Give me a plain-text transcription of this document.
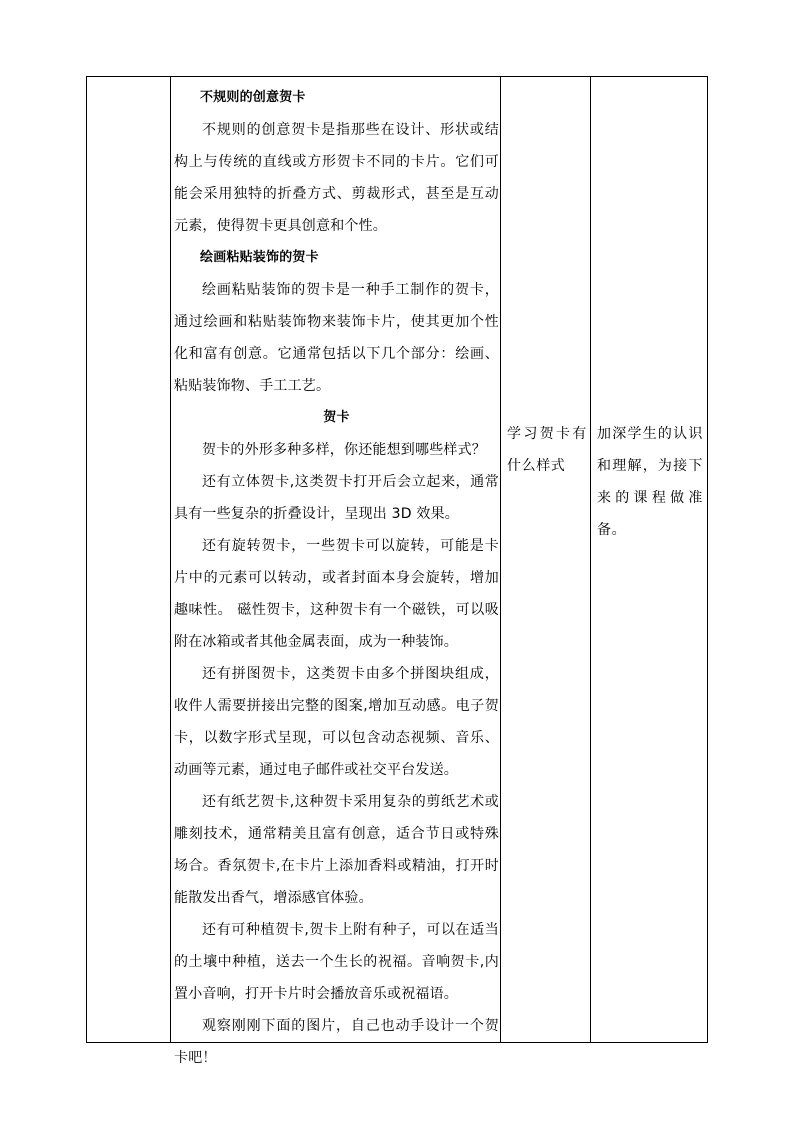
不规则的创意贺卡

不规则的创意贺卡是指那些在设计、形状或结构上与传统的直线或方形贺卡不同的卡片。它们可能会采用独特的折叠方式、剪裁形式，甚至是互动元素，使得贺卡更具创意和个性。

绘画粘贴装饰的贺卡

绘画粘贴装饰的贺卡是一种手工制作的贺卡，通过绘画和粘贴装饰物来装饰卡片，使其更加个性化和富有创意。它通常包括以下几个部分：绘画、粘贴装饰物、手工工艺。

贺卡

贺卡的外形多种多样，你还能想到哪些样式？

还有立体贺卡,这类贺卡打开后会立起来，通常具有一些复杂的折叠设计，呈现出 3D 效果。

还有旋转贺卡，一些贺卡可以旋转，可能是卡片中的元素可以转动，或者封面本身会旋转，增加趣味性。 磁性贺卡，这种贺卡有一个磁铁，可以吸附在冰箱或者其他金属表面，成为一种装饰。

还有拼图贺卡，这类贺卡由多个拼图块组成，收件人需要拼接出完整的图案,增加互动感。电子贺卡，以数字形式呈现，可以包含动态视频、音乐、动画等元素，通过电子邮件或社交平台发送。

还有纸艺贺卡,这种贺卡采用复杂的剪纸艺术或雕刻技术，通常精美且富有创意，适合节日或特殊场合。香氛贺卡,在卡片上添加香料或精油，打开时能散发出香气，增添感官体验。

还有可种植贺卡,贺卡上附有种子，可以在适当的土壤中种植，送去一个生长的祝福。音响贺卡,内置小音响，打开卡片时会播放音乐或祝福语。

观察刚刚下面的图片，自己也动手设计一个贺卡吧！

学习贺卡有什么样式
加深学生的认识和理解，为接下来的课程做准备。
